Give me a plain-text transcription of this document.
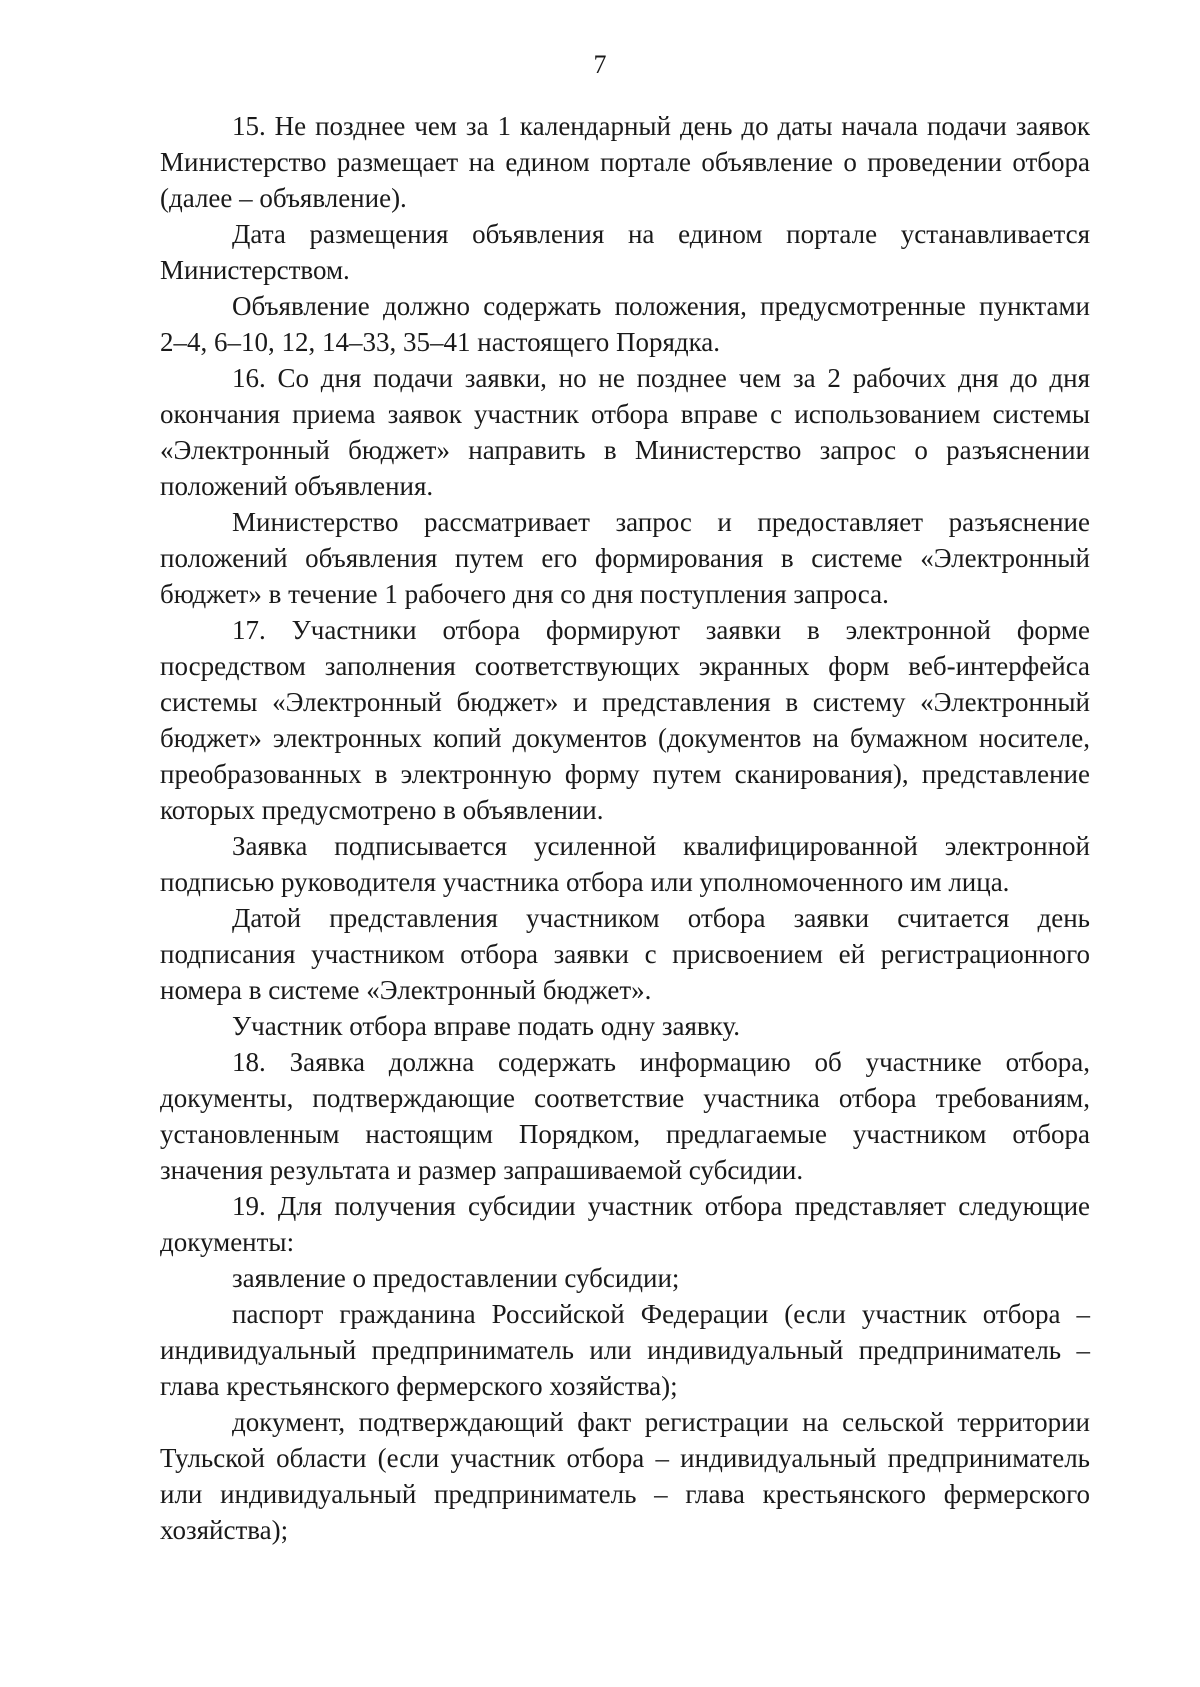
7

15. Не позднее чем за 1 календарный день до даты начала подачи заявок Министерство размещает на едином портале объявление о проведении отбора (далее – объявление).

Дата размещения объявления на едином портале устанавливается Министерством.

Объявление должно содержать положения, предусмотренные пунктами 2–4, 6–10, 12, 14–33, 35–41 настоящего Порядка.

16. Со дня подачи заявки, но не позднее чем за 2 рабочих дня до дня окончания приема заявок участник отбора вправе с использованием системы «Электронный бюджет» направить в Министерство запрос о разъяснении положений объявления.

Министерство рассматривает запрос и предоставляет разъяснение положений объявления путем его формирования в системе «Электронный бюджет» в течение 1 рабочего дня со дня поступления запроса.

17. Участники отбора формируют заявки в электронной форме посредством заполнения соответствующих экранных форм веб-интерфейса системы «Электронный бюджет» и представления в систему «Электронный бюджет» электронных копий документов (документов на бумажном носителе, преобразованных в электронную форму путем сканирования), представление которых предусмотрено в объявлении.

Заявка подписывается усиленной квалифицированной электронной подписью руководителя участника отбора или уполномоченного им лица.

Датой представления участником отбора заявки считается день подписания участником отбора заявки с присвоением ей регистрационного номера в системе «Электронный бюджет».

Участник отбора вправе подать одну заявку.

18. Заявка должна содержать информацию об участнике отбора, документы, подтверждающие соответствие участника отбора требованиям, установленным настоящим Порядком, предлагаемые участником отбора значения результата и размер запрашиваемой субсидии.

19. Для получения субсидии участник отбора представляет следующие документы:

заявление о предоставлении субсидии;

паспорт гражданина Российской Федерации (если участник отбора – индивидуальный предприниматель или индивидуальный предприниматель – глава крестьянского фермерского хозяйства);

документ, подтверждающий факт регистрации на сельской территории Тульской области (если участник отбора – индивидуальный предприниматель или индивидуальный предприниматель – глава крестьянского фермерского хозяйства);
